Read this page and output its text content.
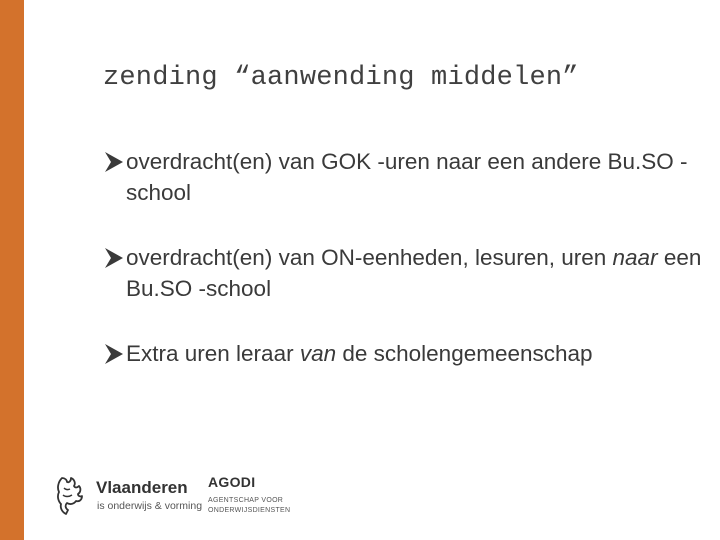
zending “aanwending middelen”
overdracht(en) van GOK -uren naar een andere Bu.SO -school
overdracht(en) van ON-eenheden, lesuren, uren naar een Bu.SO -school
Extra uren leraar van de scholengemeenschap
Vlaanderen
is onderwijs & vorming
AGODI
AGENTSCHAP VOOR
ONDERWIJSDIENSTEN
